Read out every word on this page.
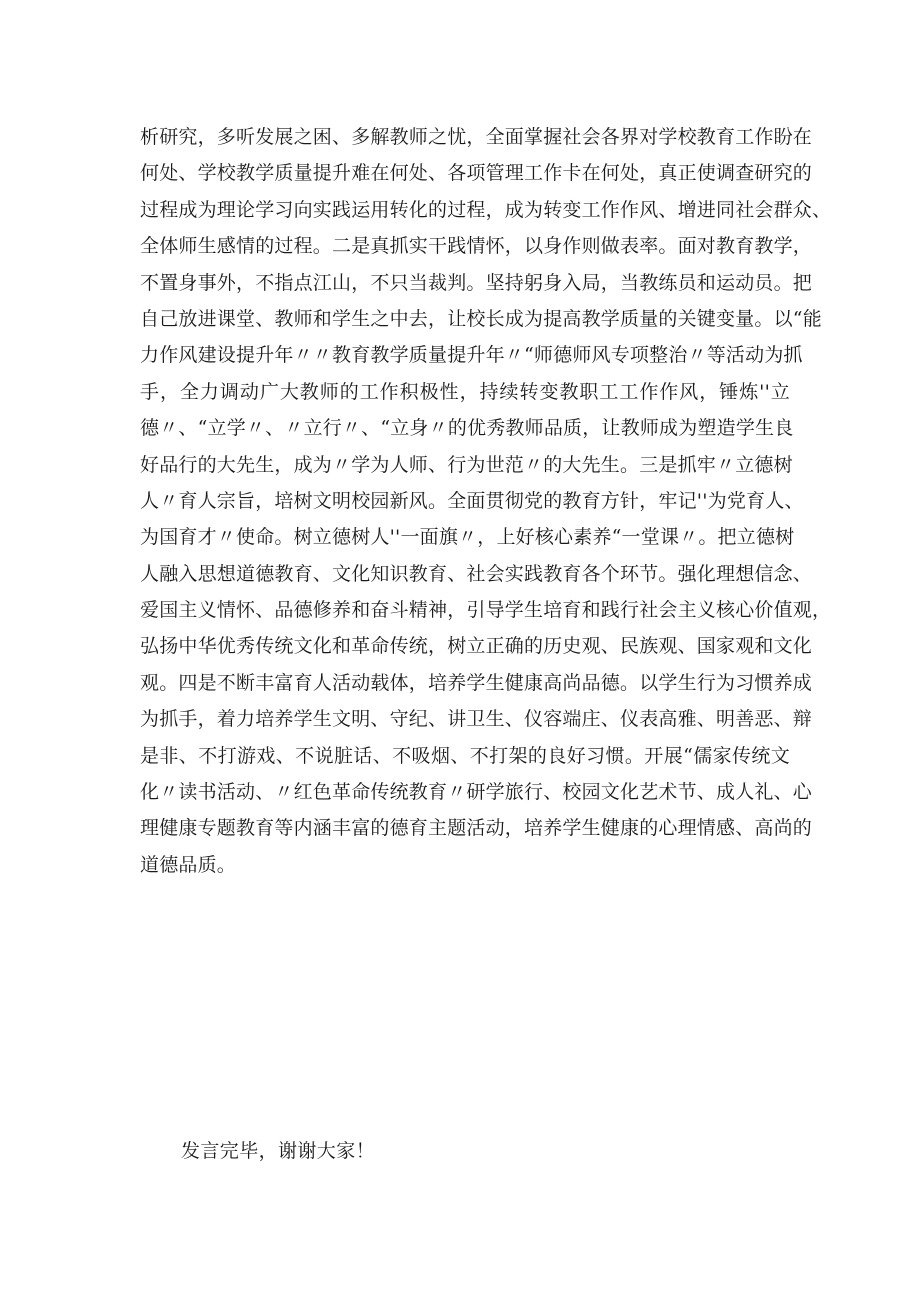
析研究，多听发展之困、多解教师之忧，全面掌握社会各界对学校教育工作盼在
何处、学校教学质量提升难在何处、各项管理工作卡在何处，真正使调查研究的
过程成为理论学习向实践运用转化的过程，成为转变工作作风、增进同社会群众、
全体师生感情的过程。二是真抓实干践情怀，以身作则做表率。面对教育教学，
不置身事外，不指点江山，不只当裁判。坚持躬身入局，当教练员和运动员。把
自己放进课堂、教师和学生之中去，让校长成为提高教学质量的关键变量。以“能
力作风建设提升年〃〃教育教学质量提升年〃“师德师风专项整治〃等活动为抓
手，全力调动广大教师的工作积极性，持续转变教职工工作作风，锤炼''立
德〃、“立学〃、〃立行〃、“立身〃的优秀教师品质，让教师成为塑造学生良
好品行的大先生，成为〃学为人师、行为世范〃的大先生。三是抓牢〃立德树
人〃育人宗旨，培树文明校园新风。全面贯彻党的教育方针，牢记''为党育人、
为国育才〃使命。树立德树人''一面旗〃，上好核心素养“一堂课〃。把立德树
人融入思想道德教育、文化知识教育、社会实践教育各个环节。强化理想信念、
爱国主义情怀、品德修养和奋斗精神，引导学生培育和践行社会主义核心价值观，
弘扬中华优秀传统文化和革命传统，树立正确的历史观、民族观、国家观和文化
观。四是不断丰富育人活动载体，培养学生健康高尚品德。以学生行为习惯养成
为抓手，着力培养学生文明、守纪、讲卫生、仪容端庄、仪表高雅、明善恶、辩
是非、不打游戏、不说脏话、不吸烟、不打架的良好习惯。开展“儒家传统文
化〃读书活动、〃红色革命传统教育〃研学旅行、校园文化艺术节、成人礼、心
理健康专题教育等内涵丰富的德育主题活动，培养学生健康的心理情感、高尚的
道德品质。

发言完毕，谢谢大家！
